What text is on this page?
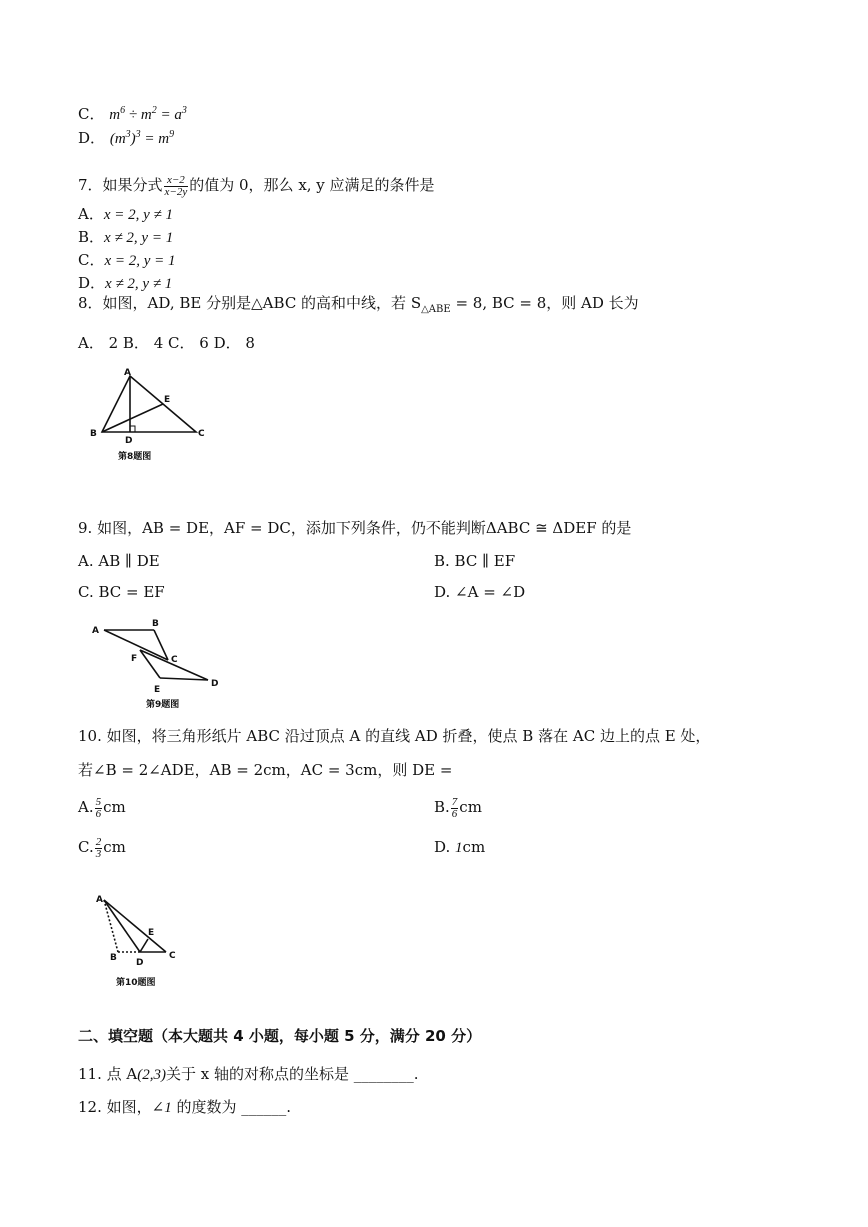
C． $m^6 \div m^2 = a^3$
D． $(m^3)^3 = m^9$
7．如果分式 $\frac{x-2}{x-2y}$ 的值为 0，那么 x, y 应满足的条件是
A．x = 2, y ≠ 1
B．x ≠ 2, y = 1
C．x = 2, y = 1
D．x ≠ 2, y ≠ 1
8．如图，AD, BE 分别是△ABC 的高和中线，若 $S_{\triangle ABE} = 8$, BC = 8，则 AD 长为
A． 2 B． 4 C． 6 D． 8
A
B	C
D
E
第8题图
9. 如图，AB = DE，AF = DC，添加下列条件，仍不能判断ΔABC ≅ ΔDEF 的是
A. AB ∥ DE	B. BC ∥ EF
C. BC = EF	D. ∠A = ∠D
A
B
C
F
E
D
第9题图
10. 如图，将三角形纸片 ABC 沿过顶点 A 的直线 AD 折叠，使点 B 落在 AC 边上的点 E 处，
若∠B = 2∠ADE，AB = 2cm，AC = 3cm，则 DE =
A. $\frac{5}{6}$ cm	B. $\frac{7}{6}$ cm
C. $\frac{2}{3}$ cm	D. 1cm
A
B D
E
C
第10题图
二、填空题（本大题共 4 小题，每小题 5 分，满分 20 分）
11. 点 A(2,3)关于 x 轴的对称点的坐标是 ________.
12. 如图，∠1 的度数为 ______.
